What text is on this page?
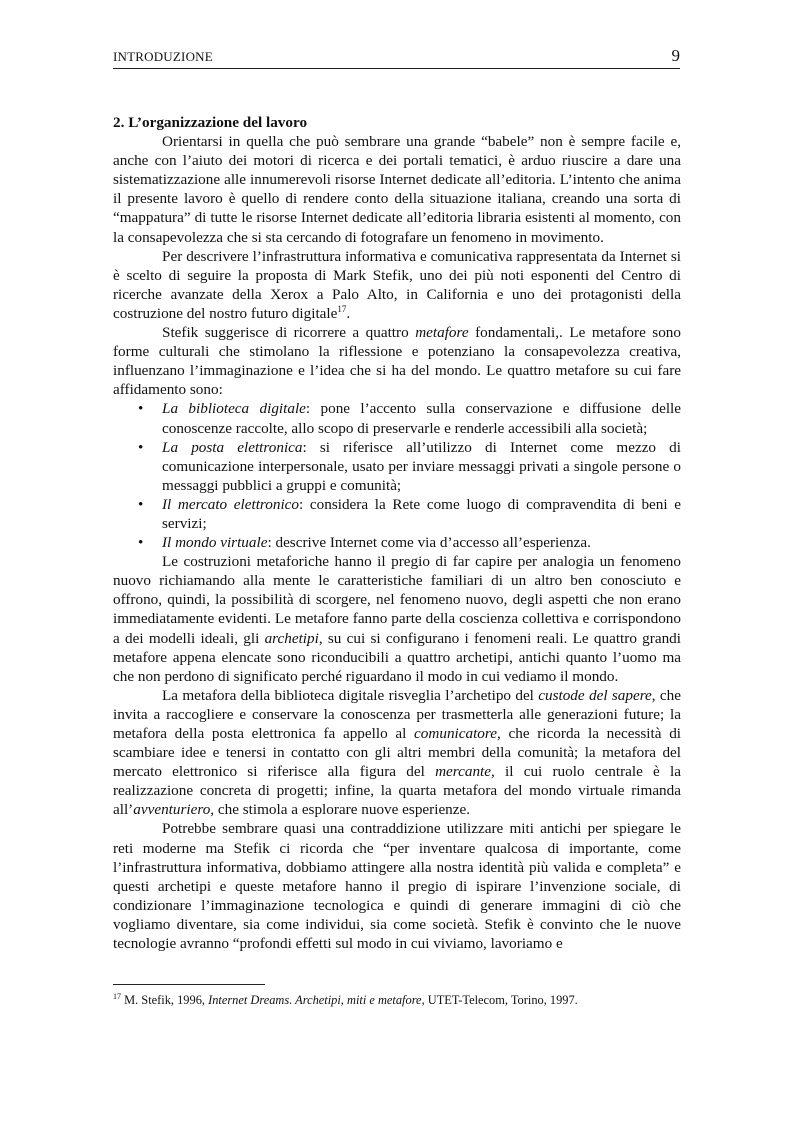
INTRODUZIONE	9
2. L’organizzazione del lavoro

Orientarsi in quella che può sembrare una grande “babele” non è sempre facile e, anche con l’aiuto dei motori di ricerca e dei portali tematici, è arduo riuscire a dare una sistematizzazione alle innumerevoli risorse Internet dedicate all’editoria. L’intento che anima il presente lavoro è quello di rendere conto della situazione italiana, creando una sorta di “mappatura” di tutte le risorse Internet dedicate all’editoria libraria esistenti al momento, con la consapevolezza che si sta cercando di fotografare un fenomeno in movimento.

Per descrivere l’infrastruttura informativa e comunicativa rappresentata da Internet si è scelto di seguire la proposta di Mark Stefik, uno dei più noti esponenti del Centro di ricerche avanzate della Xerox a Palo Alto, in California e uno dei protagonisti della costruzione del nostro futuro digitale$^{17}$.

Stefik suggerisce di ricorrere a quattro metafore fondamentali,. Le metafore sono forme culturali che stimolano la riflessione e potenziano la consapevolezza creativa, influenzano l’immaginazione e l’idea che si ha del mondo. Le quattro metafore su cui fare affidamento sono:

• La biblioteca digitale: pone l’accento sulla conservazione e diffusione delle conoscenze raccolte, allo scopo di preservarle e renderle accessibili alla società;
• La posta elettronica: si riferisce all’utilizzo di Internet come mezzo di comunicazione interpersonale, usato per inviare messaggi privati a singole persone o messaggi pubblici a gruppi e comunità;
• Il mercato elettronico: considera la Rete come luogo di compravendita di beni e servizi;
• Il mondo virtuale: descrive Internet come via d’accesso all’esperienza.

Le costruzioni metaforiche hanno il pregio di far capire per analogia un fenomeno nuovo richiamando alla mente le caratteristiche familiari di un altro ben conosciuto e offrono, quindi, la possibilità di scorgere, nel fenomeno nuovo, degli aspetti che non erano immediatamente evidenti. Le metafore fanno parte della coscienza collettiva e corrispondono a dei modelli ideali, gli archetipi, su cui si configurano i fenomeni reali. Le quattro grandi metafore appena elencate sono riconducibili a quattro archetipi, antichi quanto l’uomo ma che non perdono di significato perché riguardano il modo in cui vediamo il mondo.

La metafora della biblioteca digitale risveglia l’archetipo del custode del sapere, che invita a raccogliere e conservare la conoscenza per trasmetterla alle generazioni future; la metafora della posta elettronica fa appello al comunicatore, che ricorda la necessità di scambiare idee e tenersi in contatto con gli altri membri della comunità; la metafora del mercato elettronico si riferisce alla figura del mercante, il cui ruolo centrale è la realizzazione concreta di progetti; infine, la quarta metafora del mondo virtuale rimanda all’avventuriero, che stimola a esplorare nuove esperienze.

Potrebbe sembrare quasi una contraddizione utilizzare miti antichi per spiegare le reti moderne ma Stefik ci ricorda che “per inventare qualcosa di importante, come l’infrastruttura informativa, dobbiamo attingere alla nostra identità più valida e completa” e questi archetipi e queste metafore hanno il pregio di ispirare l’invenzione sociale, di condizionare l’immaginazione tecnologica e quindi di generare immagini di ciò che vogliamo diventare, sia come individui, sia come società. Stefik è convinto che le nuove tecnologie avranno “profondi effetti sul modo in cui viviamo, lavoriamo e

$^{17}$ M. Stefik, 1996, Internet Dreams. Archetipi, miti e metafore, UTET-Telecom, Torino, 1997.
